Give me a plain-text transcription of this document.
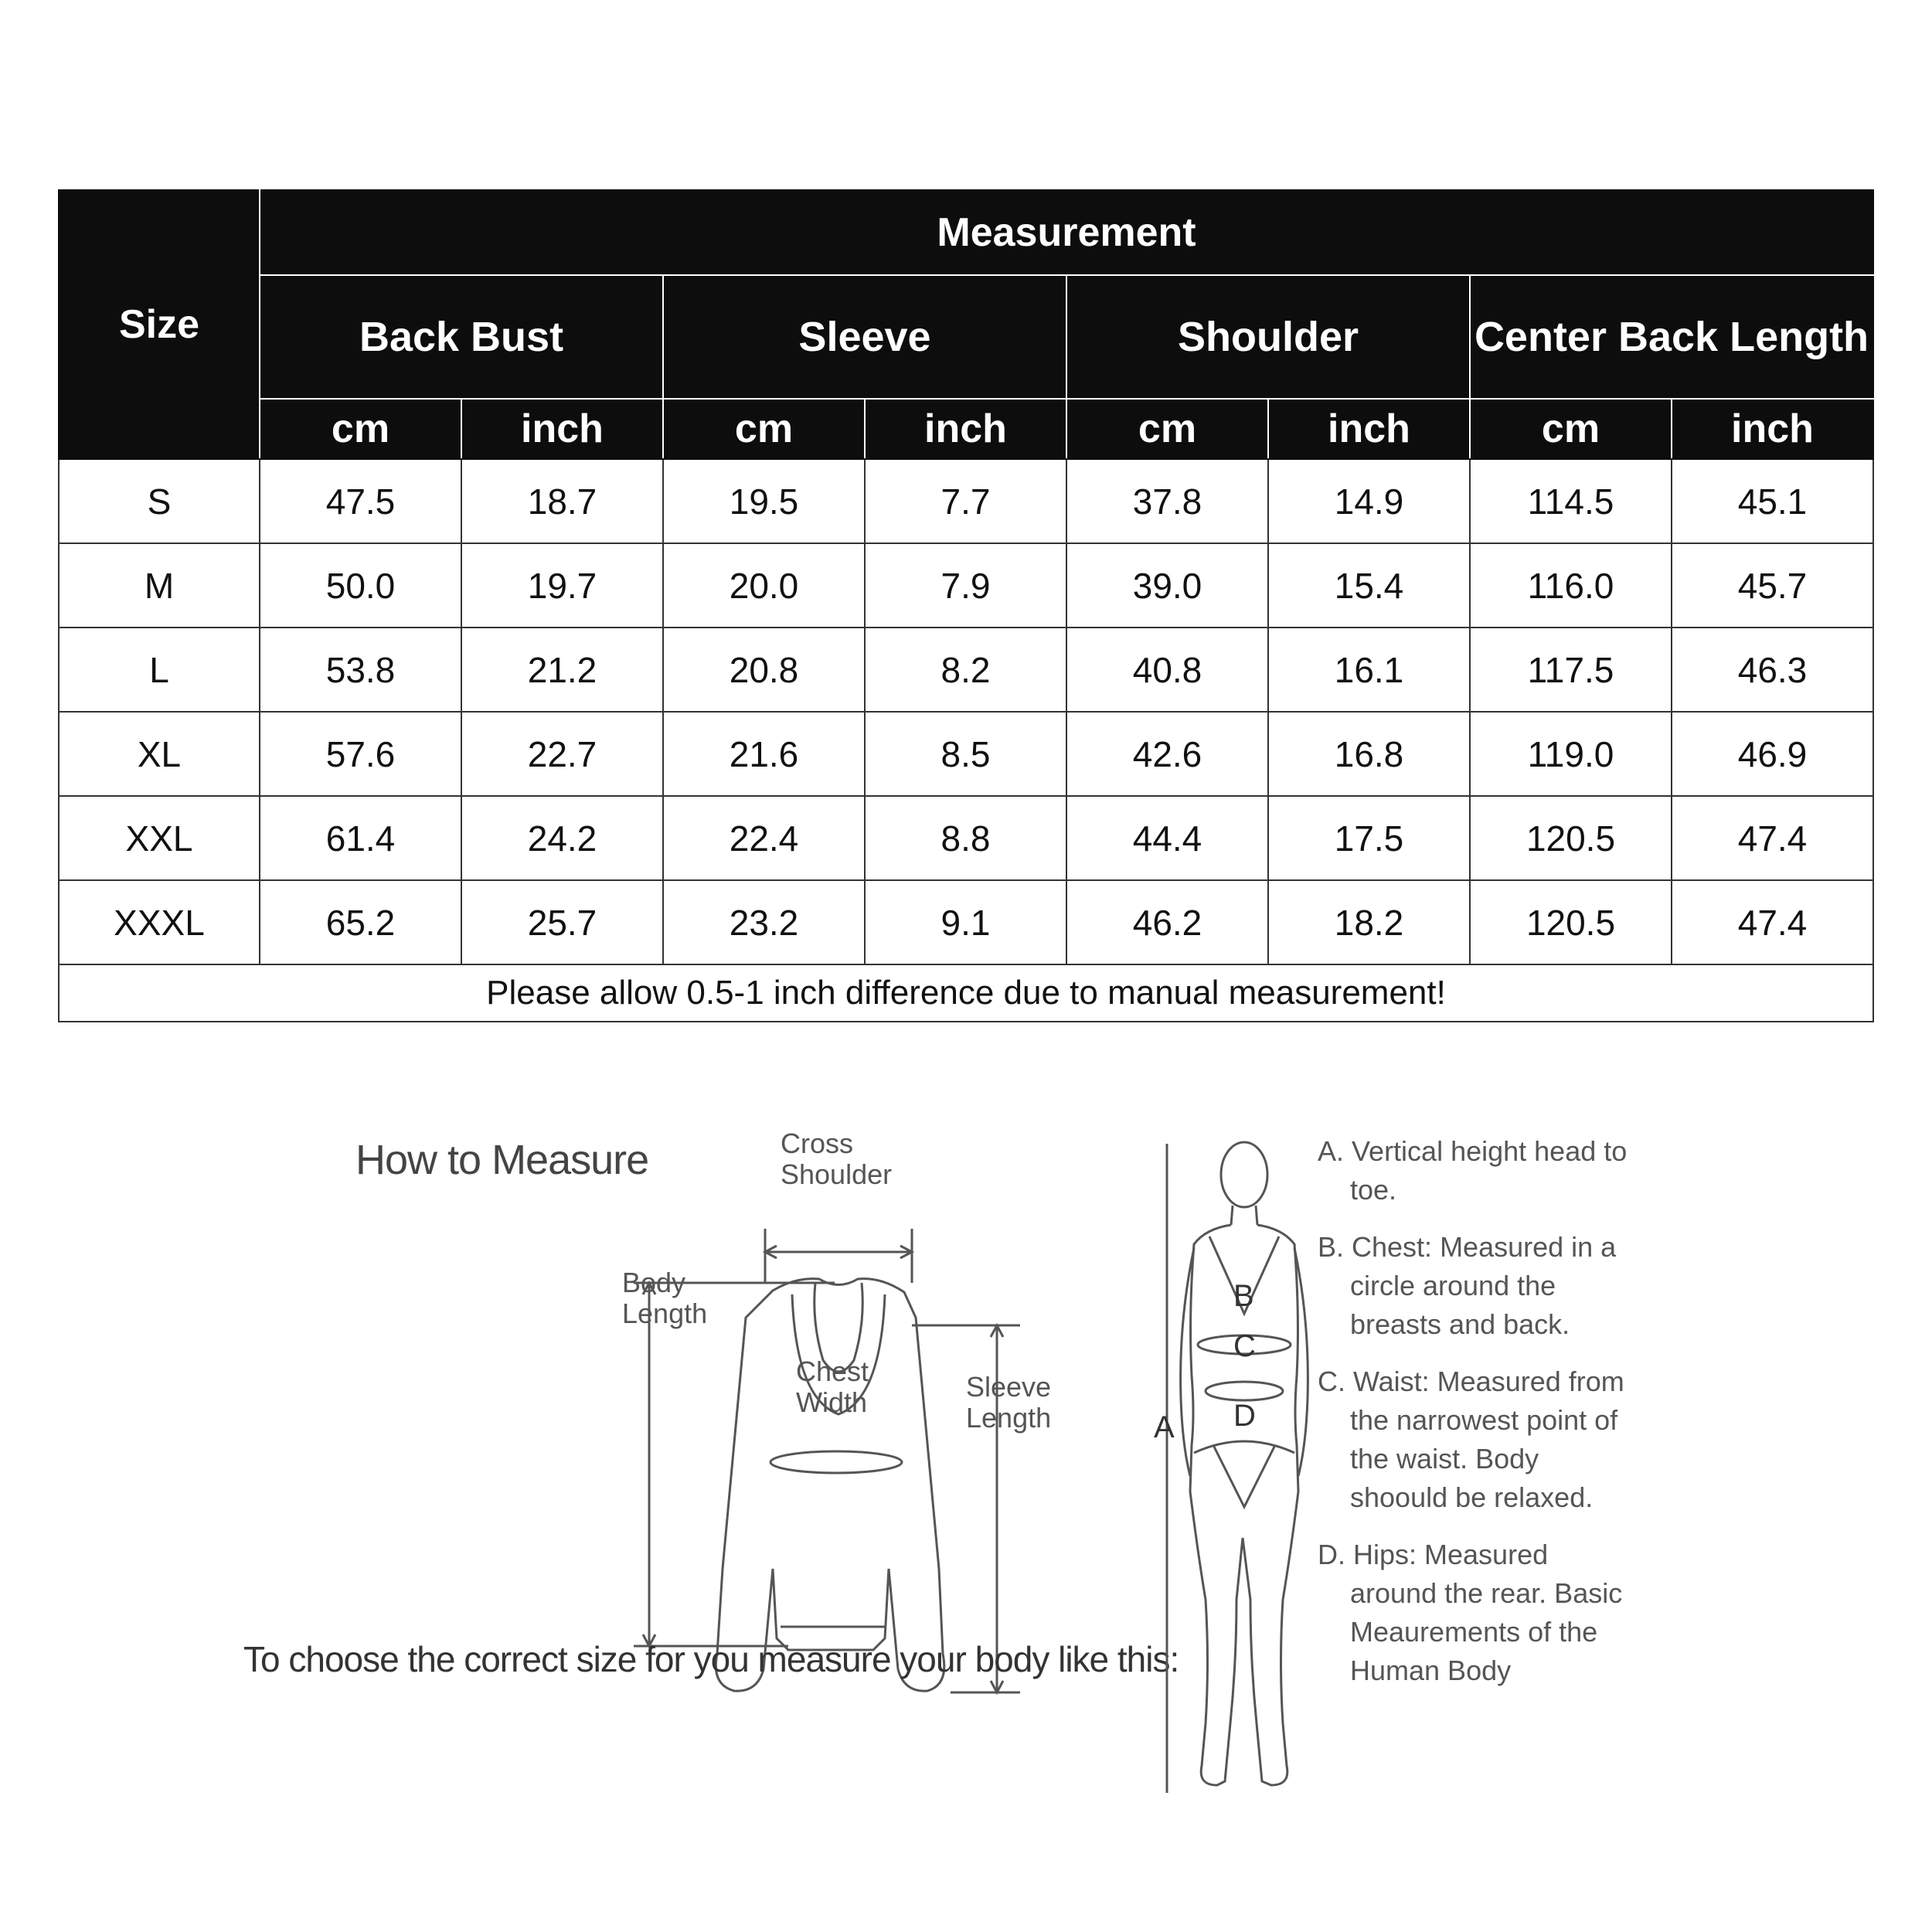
Size	Measurement							
	Back Bust		Sleeve		Shoulder		Center Back Length	
	cm	inch	cm	inch	cm	inch	cm	inch
S	47.5	18.7	19.5	7.7	37.8	14.9	114.5	45.1
M	50.0	19.7	20.0	7.9	39.0	15.4	116.0	45.7
L	53.8	21.2	20.8	8.2	40.8	16.1	117.5	46.3
XL	57.6	22.7	21.6	8.5	42.6	16.8	119.0	46.9
XXL	61.4	24.2	22.4	8.8	44.4	17.5	120.5	47.4
XXXL	65.2	25.7	23.2	9.1	46.2	18.2	120.5	47.4
Please allow 0.5-1 inch difference due to manual measurement!								
How to Measure	Cross Shoulder
Body Length
Chest Width	Sleeve Length
To choose the correct size for you measure your body like this:
A
B
C
D
A. Vertical height head to toe.
B. Chest: Measured in a circle around the breasts and back.
C. Waist: Measured from the narrowest point of the waist. Body shoould be relaxed.
D. Hips: Measured around the rear. Basic Meaurements of the Human Body
